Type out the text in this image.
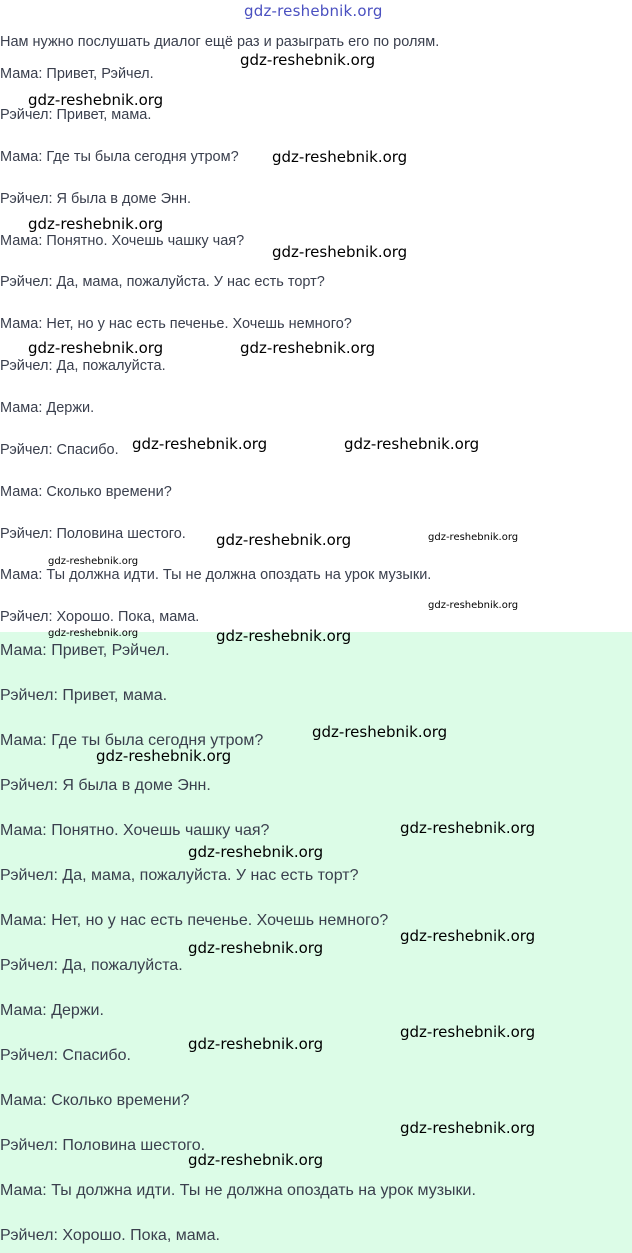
gdz-reshebnik.org
Нам нужно послушать диалог ещё раз и разыграть его по ролям.
Мама: Привет, Рэйчел.
Рэйчел: Привет, мама.
Мама: Где ты была сегодня утром?
Рэйчел: Я была в доме Энн.
Мама: Понятно. Хочешь чашку чая?
Рэйчел: Да, мама, пожалуйста. У нас есть торт?
Мама: Нет, но у нас есть печенье. Хочешь немного?
Рэйчел: Да, пожалуйста.
Мама: Держи.
Рэйчел: Спасибо.
Мама: Сколько времени?
Рэйчел: Половина шестого.
Мама: Ты должна идти. Ты не должна опоздать на урок музыки.
Рэйчел: Хорошо. Пока, мама.
Мама: Привет, Рэйчел.
Рэйчел: Привет, мама.
Мама: Где ты была сегодня утром?
Рэйчел: Я была в доме Энн.
Мама: Понятно. Хочешь чашку чая?
Рэйчел: Да, мама, пожалуйста. У нас есть торт?
Мама: Нет, но у нас есть печенье. Хочешь немного?
Рэйчел: Да, пожалуйста.
Мама: Держи.
Рэйчел: Спасибо.
Мама: Сколько времени?
Рэйчел: Половина шестого.
Мама: Ты должна идти. Ты не должна опоздать на урок музыки.
Рэйчел: Хорошо. Пока, мама.
gdz-reshebnik.org
gdz-reshebnik.org
gdz-reshebnik.org
gdz-reshebnik.org
gdz-reshebnik.org
gdz-reshebnik.org	gdz-reshebnik.org
gdz-reshebnik.org	gdz-reshebnik.org
gdz-reshebnik.org	gdz-reshebnik.org
gdz-reshebnik.org
gdz-reshebnik.org
gdz-reshebnik.org
gdz-reshebnik.org
gdz-reshebnik.org
gdz-reshebnik.org
gdz-reshebnik.org
gdz-reshebnik.org
gdz-reshebnik.org
gdz-reshebnik.org
gdz-reshebnik.org
gdz-reshebnik.org
gdz-reshebnik.org
gdz-reshebnik.org
